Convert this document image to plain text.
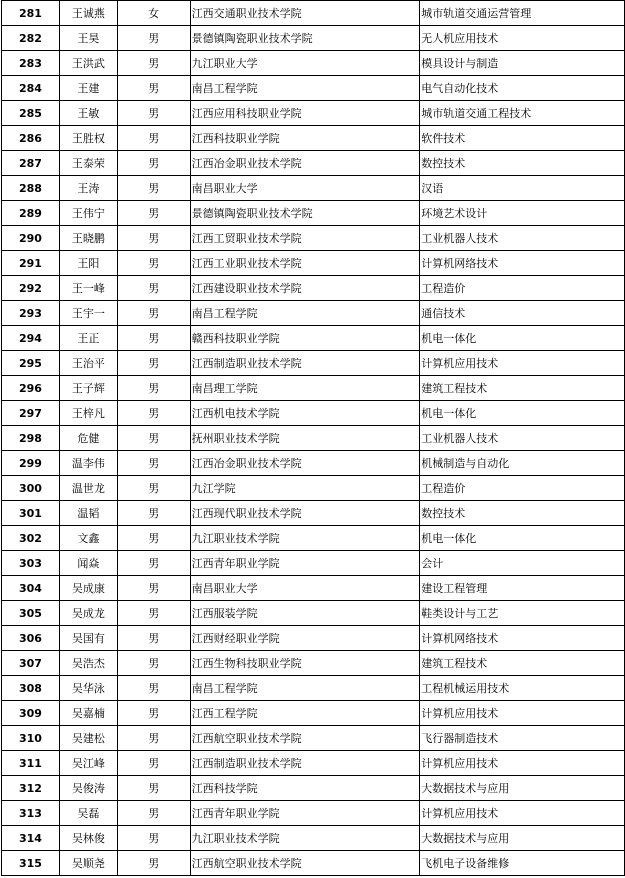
281	王诚燕	女	江西交通职业技术学院	城市轨道交通运营管理
282	王昊	男	景德镇陶瓷职业技术学院	无人机应用技术
283	王洪武	男	九江职业大学	模具设计与制造
284	王建	男	南昌工程学院	电气自动化技术
285	王敏	男	江西应用科技职业学院	城市轨道交通工程技术
286	王胜权	男	江西科技职业学院	软件技术
287	王泰荣	男	江西冶金职业技术学院	数控技术
288	王涛	男	南昌职业大学	汉语
289	王伟宁	男	景德镇陶瓷职业技术学院	环境艺术设计
290	王晓鹏	男	江西工贸职业技术学院	工业机器人技术
291	王阳	男	江西工业职业技术学院	计算机网络技术
292	王一峰	男	江西建设职业技术学院	工程造价
293	王宇一	男	南昌工程学院	通信技术
294	王正	男	赣西科技职业学院	机电一体化
295	王治平	男	江西制造职业技术学院	计算机应用技术
296	王子辉	男	南昌理工学院	建筑工程技术
297	王梓凡	男	江西机电技术学院	机电一体化
298	危健	男	抚州职业技术学院	工业机器人技术
299	温李伟	男	江西冶金职业技术学院	机械制造与自动化
300	温世龙	男	九江学院	工程造价
301	温韬	男	江西现代职业技术学院	数控技术
302	文鑫	男	九江职业技术学院	机电一体化
303	闻焱	男	江西青年职业学院	会计
304	吴成康	男	南昌职业大学	建设工程管理
305	吴成龙	男	江西服装学院	鞋类设计与工艺
306	吴国有	男	江西财经职业学院	计算机网络技术
307	吴浩杰	男	江西生物科技职业学院	建筑工程技术
308	吴华泳	男	南昌工程学院	工程机械运用技术
309	吴嘉楠	男	江西工程学院	计算机应用技术
310	吴建松	男	江西航空职业技术学院	飞行器制造技术
311	吴江峰	男	江西制造职业技术学院	计算机应用技术
312	吴俊涛	男	江西科技学院	大数据技术与应用
313	吴磊	男	江西青年职业学院	计算机应用技术
314	吴林俊	男	九江职业技术学院	大数据技术与应用
315	吴顺尧	男	江西航空职业技术学院	飞机电子设备维修
